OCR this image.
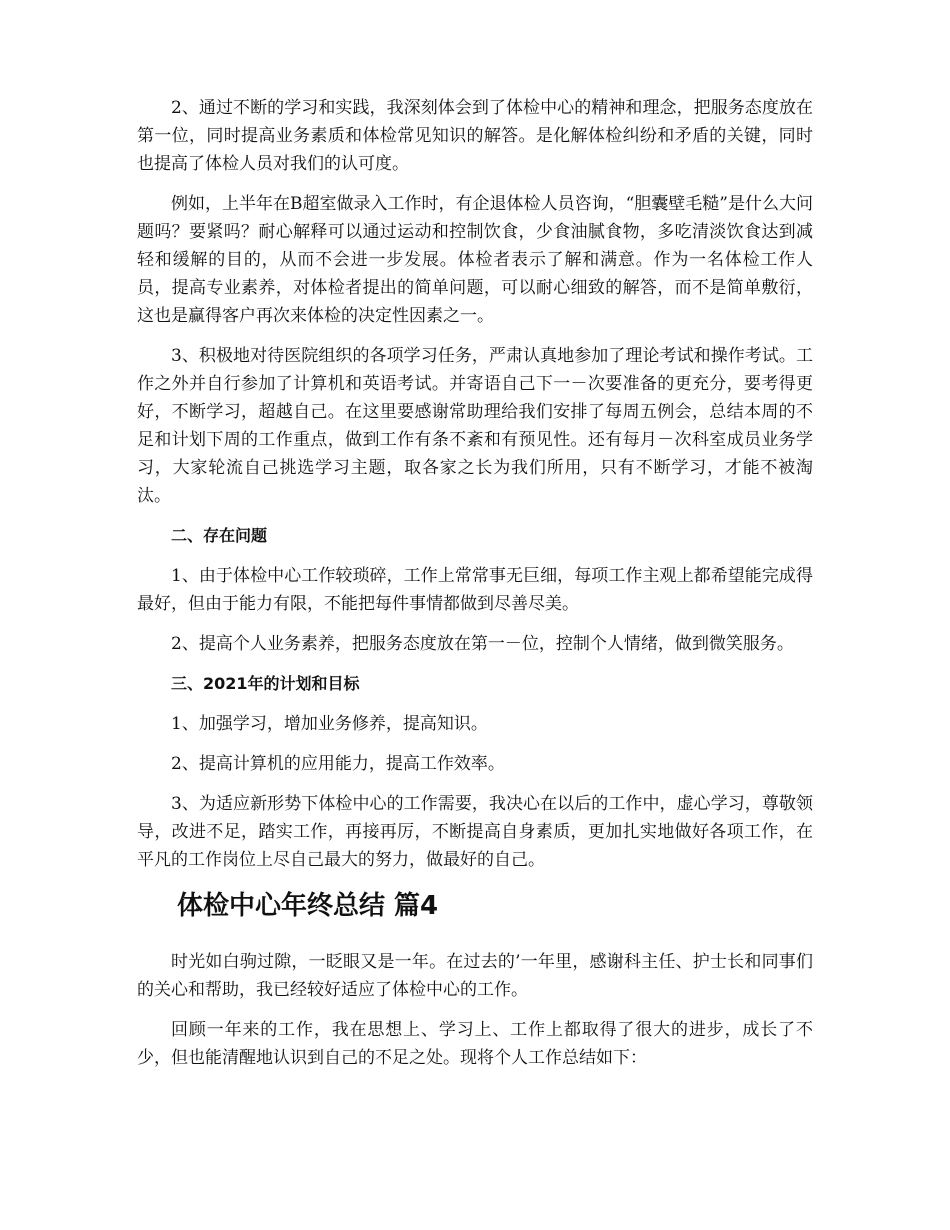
2、通过不断的学习和实践，我深刻体会到了体检中心的精神和理念，把服务态度放在第一位，同时提高业务素质和体检常见知识的解答。是化解体检纠纷和矛盾的关键，同时也提高了体检人员对我们的认可度。

例如，上半年在B超室做录入工作时，有企退体检人员咨询，“胆囊壁毛糙”是什么大问题吗？要紧吗？耐心解释可以通过运动和控制饮食，少食油腻食物，多吃清淡饮食达到减轻和缓解的目的，从而不会进一步发展。体检者表示了解和满意。作为一名体检工作人员，提高专业素养，对体检者提出的简单问题，可以耐心细致的解答，而不是简单敷衍，这也是赢得客户再次来体检的决定性因素之一。

3、积极地对待医院组织的各项学习任务，严肃认真地参加了理论考试和操作考试。工作之外并自行参加了计算机和英语考试。并寄语自己下一－次要准备的更充分，要考得更好，不断学习，超越自己。在这里要感谢常助理给我们安排了每周五例会，总结本周的不足和计划下周的工作重点，做到工作有条不紊和有预见性。还有每月－次科室成员业务学习，大家轮流自己挑选学习主题，取各家之长为我们所用，只有不断学习，才能不被淘汰。

二、存在问题

1、由于体检中心工作较琐碎，工作上常常事无巨细，每项工作主观上都希望能完成得最好，但由于能力有限，不能把每件事情都做到尽善尽美。

2、提高个人业务素养，把服务态度放在第一－位，控制个人情绪，做到微笑服务。

三、2021年的计划和目标

1、加强学习，增加业务修养，提高知识。

2、提高计算机的应用能力，提高工作效率。

3、为适应新形势下体检中心的工作需要，我决心在以后的工作中，虚心学习，尊敬领导，改进不足，踏实工作，再接再厉，不断提高自身素质，更加扎实地做好各项工作，在平凡的工作岗位上尽自己最大的努力，做最好的自己。

体检中心年终总结 篇4

时光如白驹过隙，一眨眼又是一年。在过去的’一年里，感谢科主任、护士长和同事们的关心和帮助，我已经较好适应了体检中心的工作。

回顾一年来的工作，我在思想上、学习上、工作上都取得了很大的进步，成长了不少，但也能清醒地认识到自己的不足之处。现将个人工作总结如下：
